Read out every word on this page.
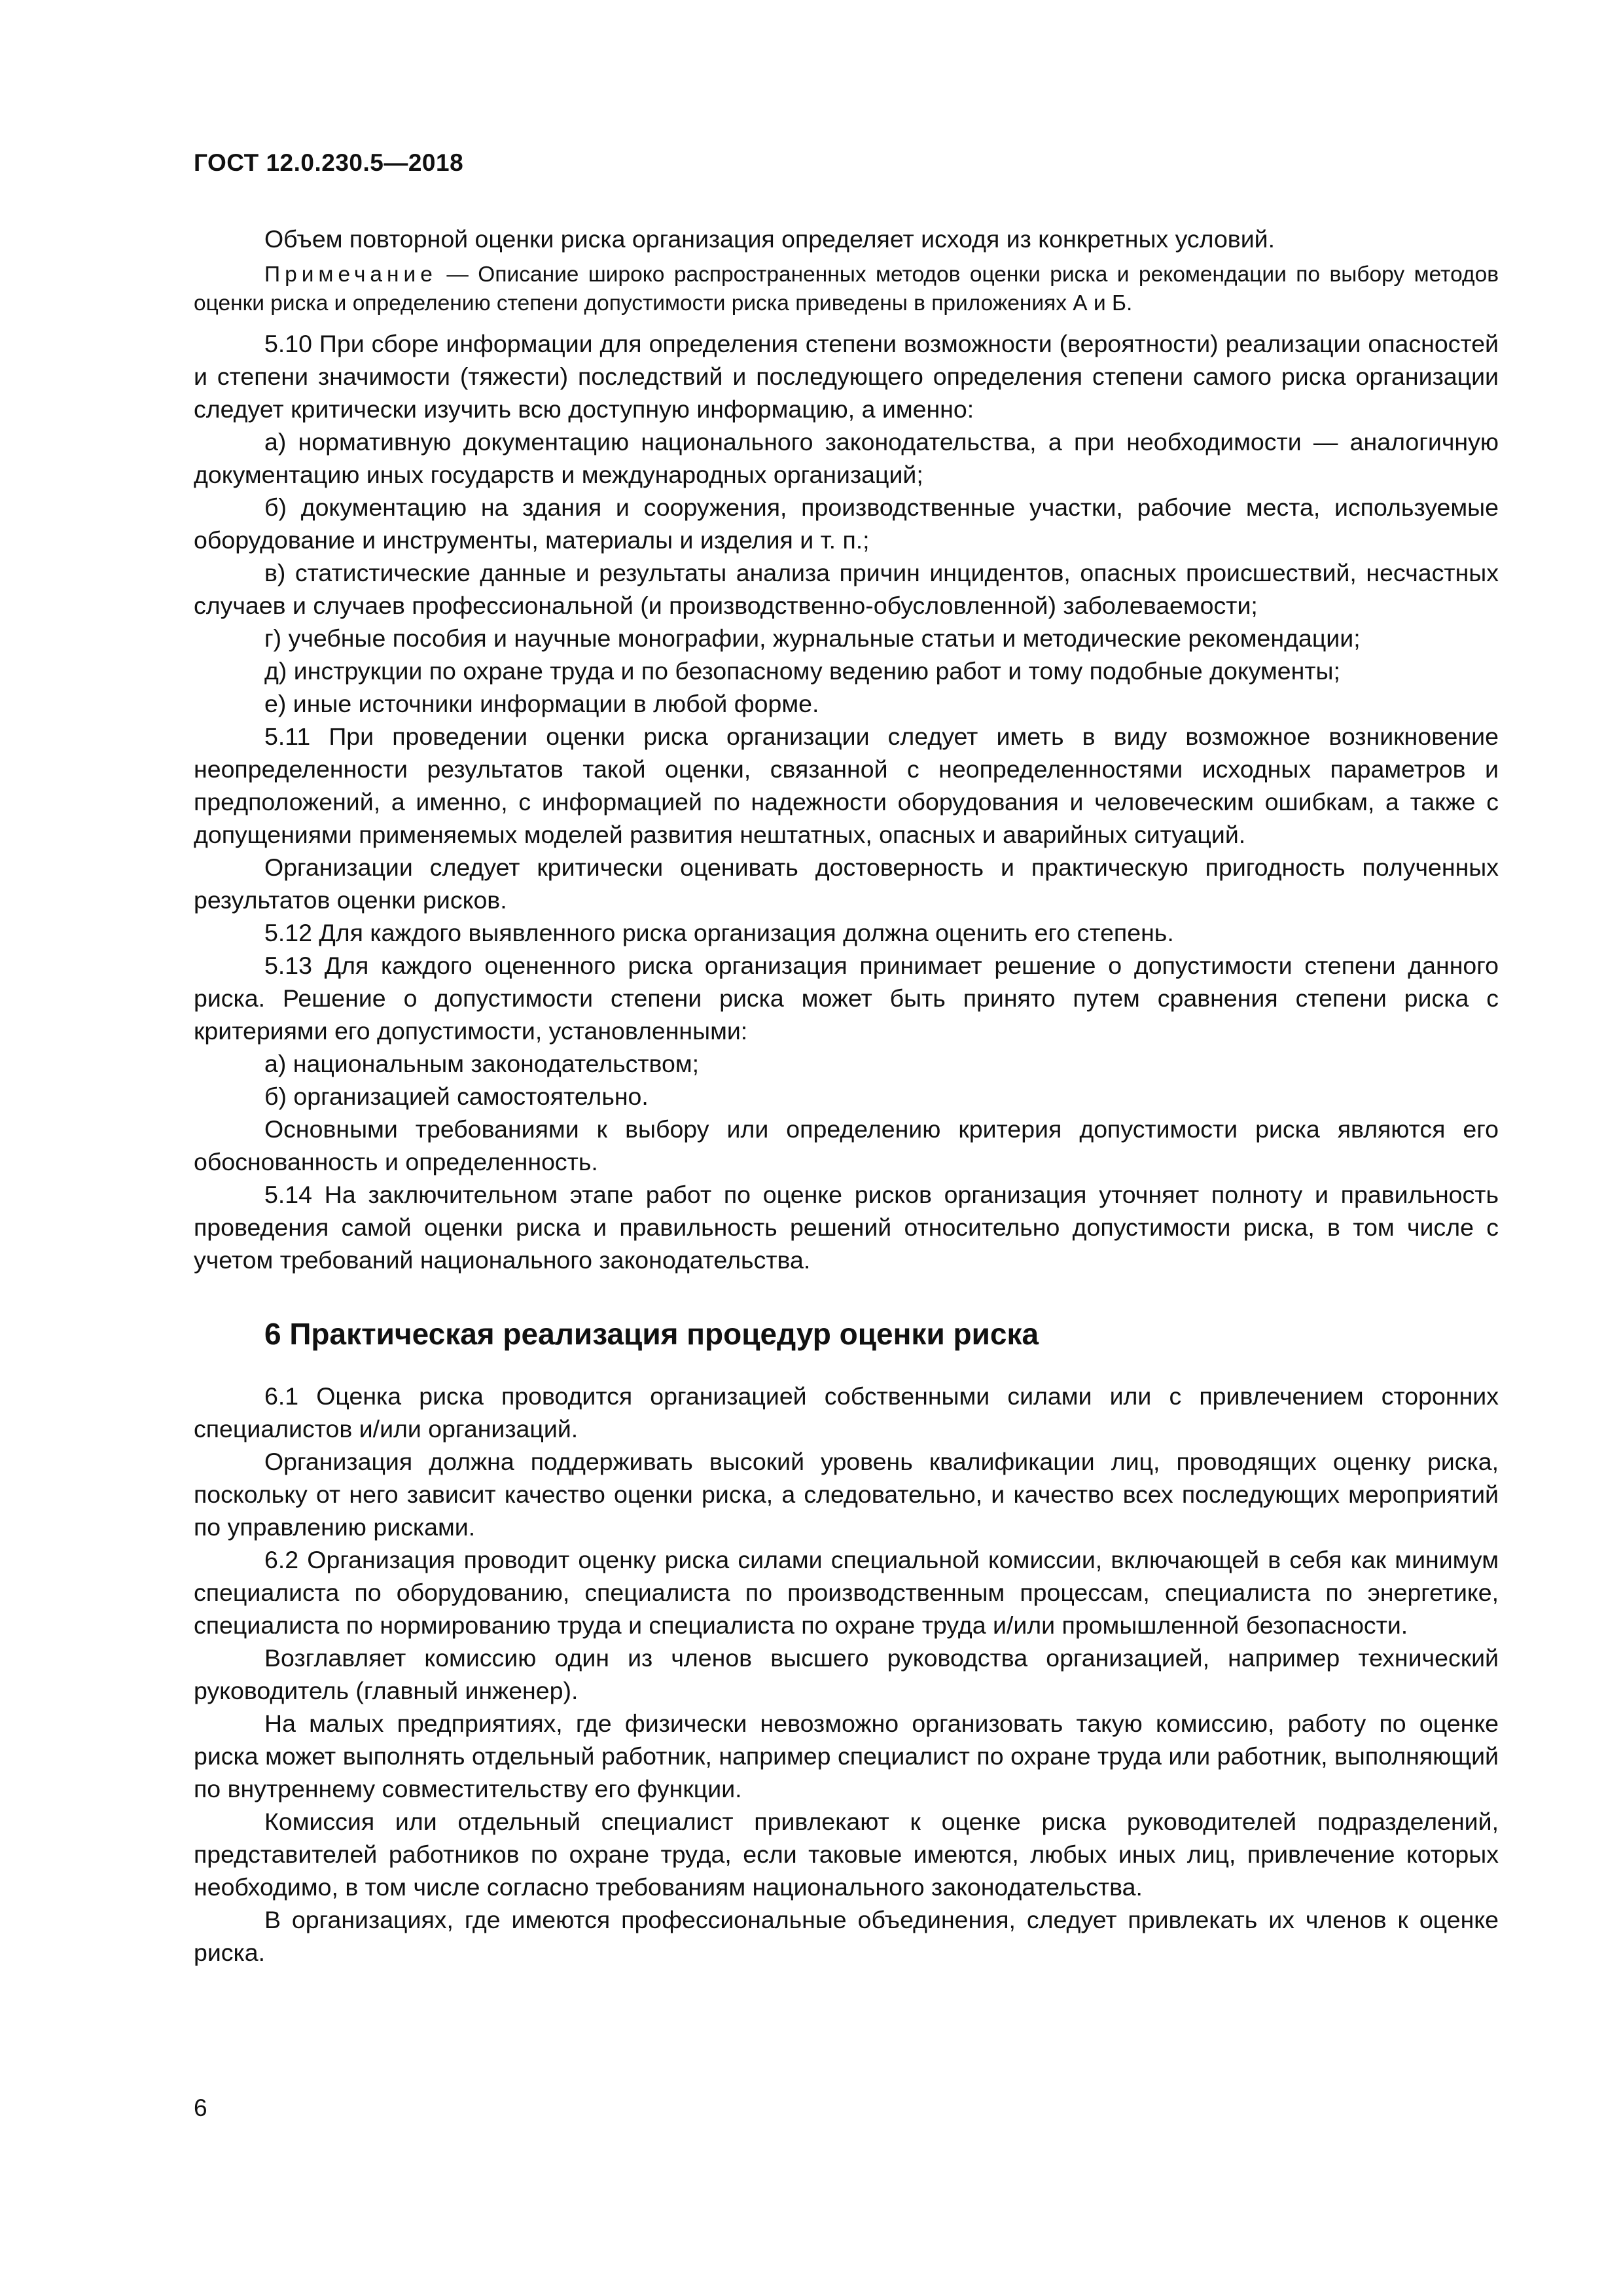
ГОСТ 12.0.230.5—2018

Объем повторной оценки риска организация определяет исходя из конкретных условий.

Примечание — Описание широко распространенных методов оценки риска и рекомендации по выбору методов оценки риска и определению степени допустимости риска приведены в приложениях А и Б.

5.10 При сборе информации для определения степени возможности (вероятности) реализации опасностей и степени значимости (тяжести) последствий и последующего определения степени самого риска организации следует критически изучить всю доступную информацию, а именно:

а) нормативную документацию национального законодательства, а при необходимости — аналогичную документацию иных государств и международных организаций;

б) документацию на здания и сооружения, производственные участки, рабочие места, используемые оборудование и инструменты, материалы и изделия и т. п.;

в) статистические данные и результаты анализа причин инцидентов, опасных происшествий, несчастных случаев и случаев профессиональной (и производственно-обусловленной) заболеваемости;

г) учебные пособия и научные монографии, журнальные статьи и методические рекомендации;

д) инструкции по охране труда и по безопасному ведению работ и тому подобные документы;

е) иные источники информации в любой форме.

5.11 При проведении оценки риска организации следует иметь в виду возможное возникновение неопределенности результатов такой оценки, связанной с неопределенностями исходных параметров и предположений, а именно, с информацией по надежности оборудования и человеческим ошибкам, а также с допущениями применяемых моделей развития нештатных, опасных и аварийных ситуаций.

Организации следует критически оценивать достоверность и практическую пригодность полученных результатов оценки рисков.

5.12 Для каждого выявленного риска организация должна оценить его степень.

5.13 Для каждого оцененного риска организация принимает решение о допустимости степени данного риска. Решение о допустимости степени риска может быть принято путем сравнения степени риска с критериями его допустимости, установленными:

а) национальным законодательством;

б) организацией самостоятельно.

Основными требованиями к выбору или определению критерия допустимости риска являются его обоснованность и определенность.

5.14 На заключительном этапе работ по оценке рисков организация уточняет полноту и правильность проведения самой оценки риска и правильность решений относительно допустимости риска, в том числе с учетом требований национального законодательства.

6 Практическая реализация процедур оценки риска

6.1 Оценка риска проводится организацией собственными силами или с привлечением сторонних специалистов и/или организаций.

Организация должна поддерживать высокий уровень квалификации лиц, проводящих оценку риска, поскольку от него зависит качество оценки риска, а следовательно, и качество всех последующих мероприятий по управлению рисками.

6.2 Организация проводит оценку риска силами специальной комиссии, включающей в себя как минимум специалиста по оборудованию, специалиста по производственным процессам, специалиста по энергетике, специалиста по нормированию труда и специалиста по охране труда и/или промышленной безопасности.

Возглавляет комиссию один из членов высшего руководства организацией, например технический руководитель (главный инженер).

На малых предприятиях, где физически невозможно организовать такую комиссию, работу по оценке риска может выполнять отдельный работник, например специалист по охране труда или работник, выполняющий по внутреннему совместительству его функции.

Комиссия или отдельный специалист привлекают к оценке риска руководителей подразделений, представителей работников по охране труда, если таковые имеются, любых иных лиц, привлечение которых необходимо, в том числе согласно требованиям национального законодательства.

В организациях, где имеются профессиональные объединения, следует привлекать их членов к оценке риска.

6
